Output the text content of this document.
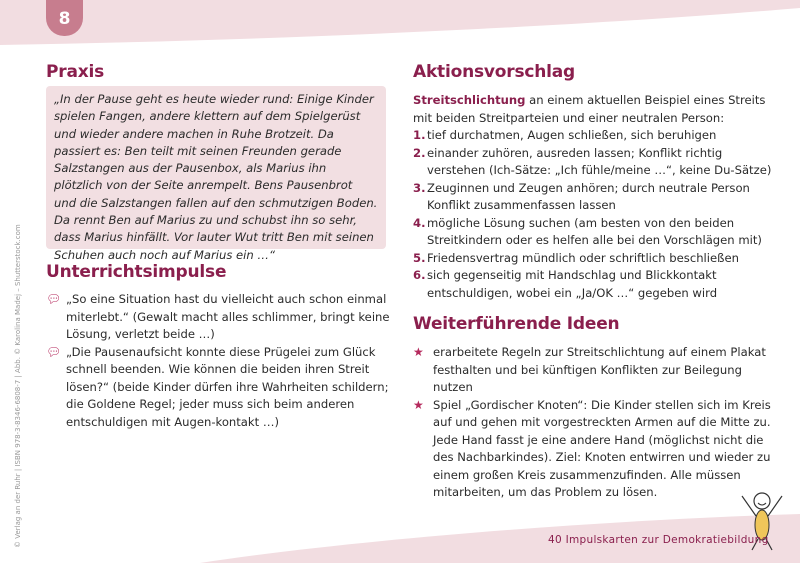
8
© Verlag an der Ruhr | ISBN 978-3-8346-6808-7 | Abb. © Karolina Madej – Shutterstock.com
Praxis
„In der Pause geht es heute wieder rund: Einige Kinder spielen Fangen, andere klettern auf dem Spielgerüst und wieder andere machen in Ruhe Brotzeit. Da passiert es: Ben teilt mit seinen Freunden gerade Salzstangen aus der Pausenbox, als Marius ihn plötzlich von der Seite anrempelt. Bens Pausenbrot und die Salzstangen fallen auf den schmutzigen Boden. Da rennt Ben auf Marius zu und schubst ihn so sehr, dass Marius hinfällt. Vor lauter Wut tritt Ben mit seinen Schuhen auch noch auf Marius ein …“
Unterrichtsimpulse
💬︎ „So eine Situation hast du vielleicht auch schon einmal miterlebt.“ (Gewalt macht alles schlimmer, bringt keine Lösung, verletzt beide …)
💬︎ „Die Pausenaufsicht konnte diese Prügelei zum Glück schnell beenden. Wie können die beiden ihren Streit lösen?“ (beide Kinder dürfen ihre Wahrheiten schildern; die Goldene Regel; jeder muss sich beim anderen entschuldigen mit Augen-kontakt …)
Aktionsvorschlag
Streitschlichtung an einem aktuellen Beispiel eines Streits mit beiden Streitparteien und einer neutralen Person:
1. tief durchatmen, Augen schließen, sich beruhigen
2. einander zuhören, ausreden lassen; Konflikt richtig verstehen (Ich-Sätze: „Ich fühle/meine …“, keine Du-Sätze)
3. Zeuginnen und Zeugen anhören; durch neutrale Person Konflikt zusammenfassen lassen
4. mögliche Lösung suchen (am besten von den beiden Streitkindern oder es helfen alle bei den Vorschlägen mit)
5. Friedensvertrag mündlich oder schriftlich beschließen
6. sich gegenseitig mit Handschlag und Blickkontakt entschuldigen, wobei ein „Ja/OK …“ gegeben wird
Weiterführende Ideen
★ erarbeitete Regeln zur Streitschlichtung auf einem Plakat festhalten und bei künftigen Konflikten zur Beilegung nutzen
★ Spiel „Gordischer Knoten“: Die Kinder stellen sich im Kreis auf und gehen mit vorgestreckten Armen auf die Mitte zu. Jede Hand fasst je eine andere Hand (möglichst nicht die des Nachbarkindes). Ziel: Knoten entwirren und wieder zu einem großen Kreis zusammenzufinden. Alle müssen mitarbeiten, um das Problem zu lösen.
40 Impulskarten zur Demokratiebildung
